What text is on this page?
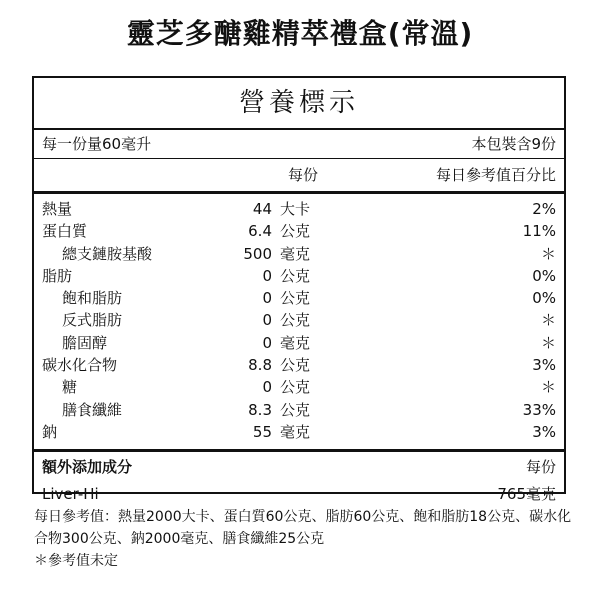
靈芝多醣雞精萃禮盒(常溫)
營養標示
每一份量60毫升	本包裝含9份
每份	每日參考值百分比
熱量	44 大卡	2%
蛋白質	6.4 公克	11%
總支鏈胺基酸	500 毫克	＊
脂肪	0 公克	0%
飽和脂肪	0 公克	0%
反式脂肪	0 公克	＊
膽固醇	0 毫克	＊
碳水化合物	8.8 公克	3%
糖	0 公克	＊
膳食纖維	8.3 公克	33%
鈉	55 毫克	3%
額外添加成分	每份
Liver-Hi	765毫克

每日參考值：熱量2000大卡、蛋白質60公克、脂肪60公克、飽和脂肪18公克、碳水化合物300公克、鈉2000毫克、膳食纖維25公克

＊參考值未定
